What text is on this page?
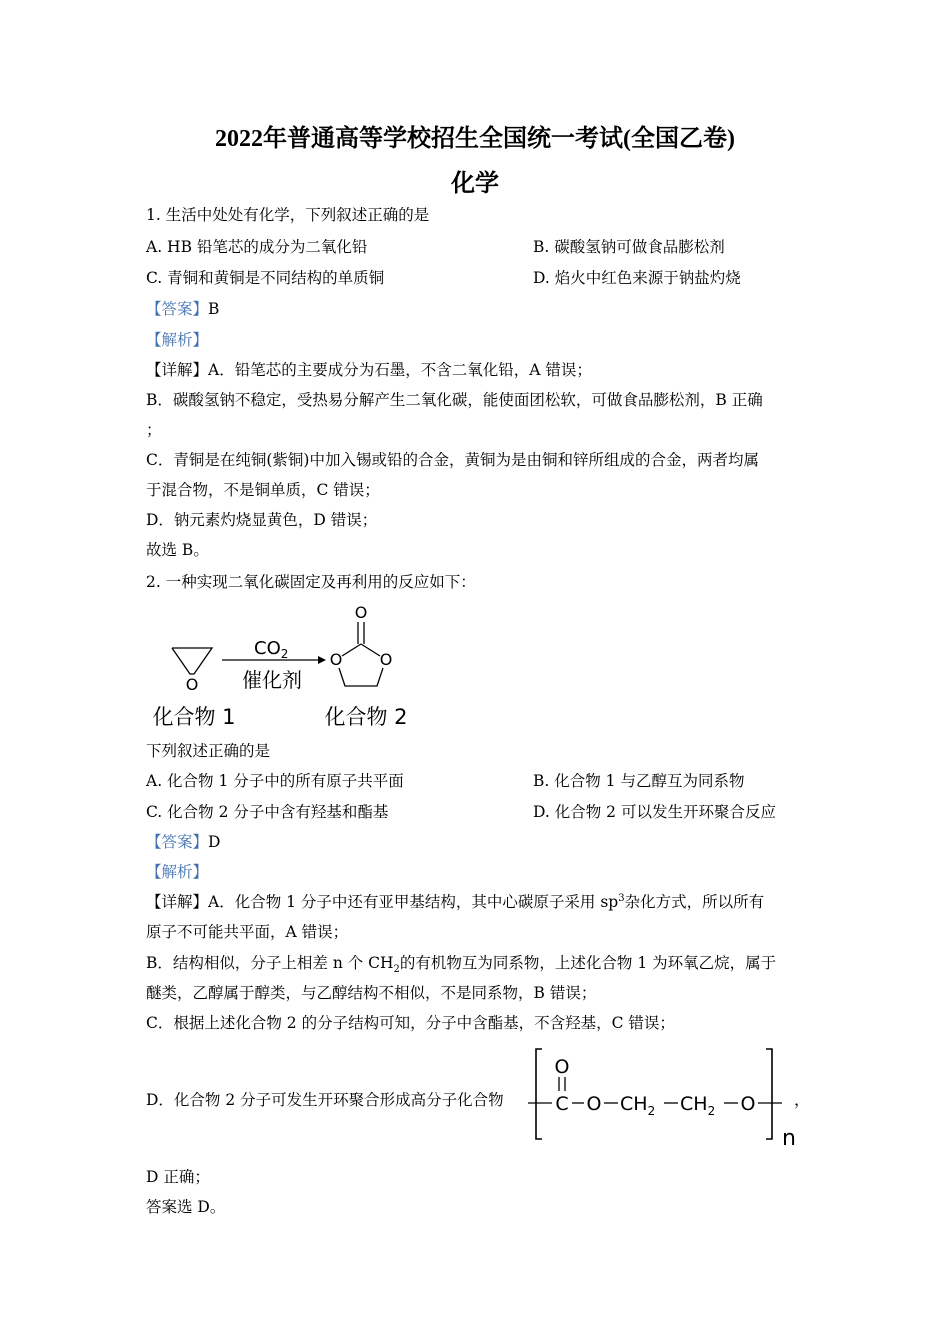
2022年普通高等学校招生全国统一考试(全国乙卷)
化学
1. 生活中处处有化学，下列叙述正确的是
A. HB 铅笔芯的成分为二氧化铅	B. 碳酸氢钠可做食品膨松剂
C. 青铜和黄铜是不同结构的单质铜	D. 焰火中红色来源于钠盐灼烧
【答案】B
【解析】
【详解】A．铅笔芯的主要成分为石墨，不含二氧化铅，A 错误；
B．碳酸氢钠不稳定，受热易分解产生二氧化碳，能使面团松软，可做食品膨松剂，B 正确
；
C．青铜是在纯铜(紫铜)中加入锡或铅的合金，黄铜为是由铜和锌所组成的合金，两者均属
于混合物，不是铜单质，C 错误；
D．钠元素灼烧显黄色，D 错误；
故选 B。
2. 一种实现二氧化碳固定及再利用的反应如下：
O
$CO_2$
催化剂
O
O O
化合物 1	化合物 2
下列叙述正确的是
A. 化合物 1 分子中的所有原子共平面	B. 化合物 1 与乙醇互为同系物
C. 化合物 2 分子中含有羟基和酯基	D. 化合物 2 可以发生开环聚合反应
【答案】D
【解析】
【详解】A．化合物 1 分子中还有亚甲基结构，其中心碳原子采用 $sp^3$杂化方式，所以所有
原子不可能共平面，A 错误；
B．结构相似，分子上相差 n 个 $CH_2$的有机物互为同系物，上述化合物 1 为环氧乙烷，属于
醚类，乙醇属于醇类，与乙醇结构不相似，不是同系物，B 错误；
C．根据上述化合物 2 的分子结构可知，分子中含酯基，不含羟基，C 错误；
D．化合物 2 分子可发生开环聚合形成高分子化合物
O
C O $CH_2$ $CH_2$ O
n
，
D 正确；
答案选 D。
